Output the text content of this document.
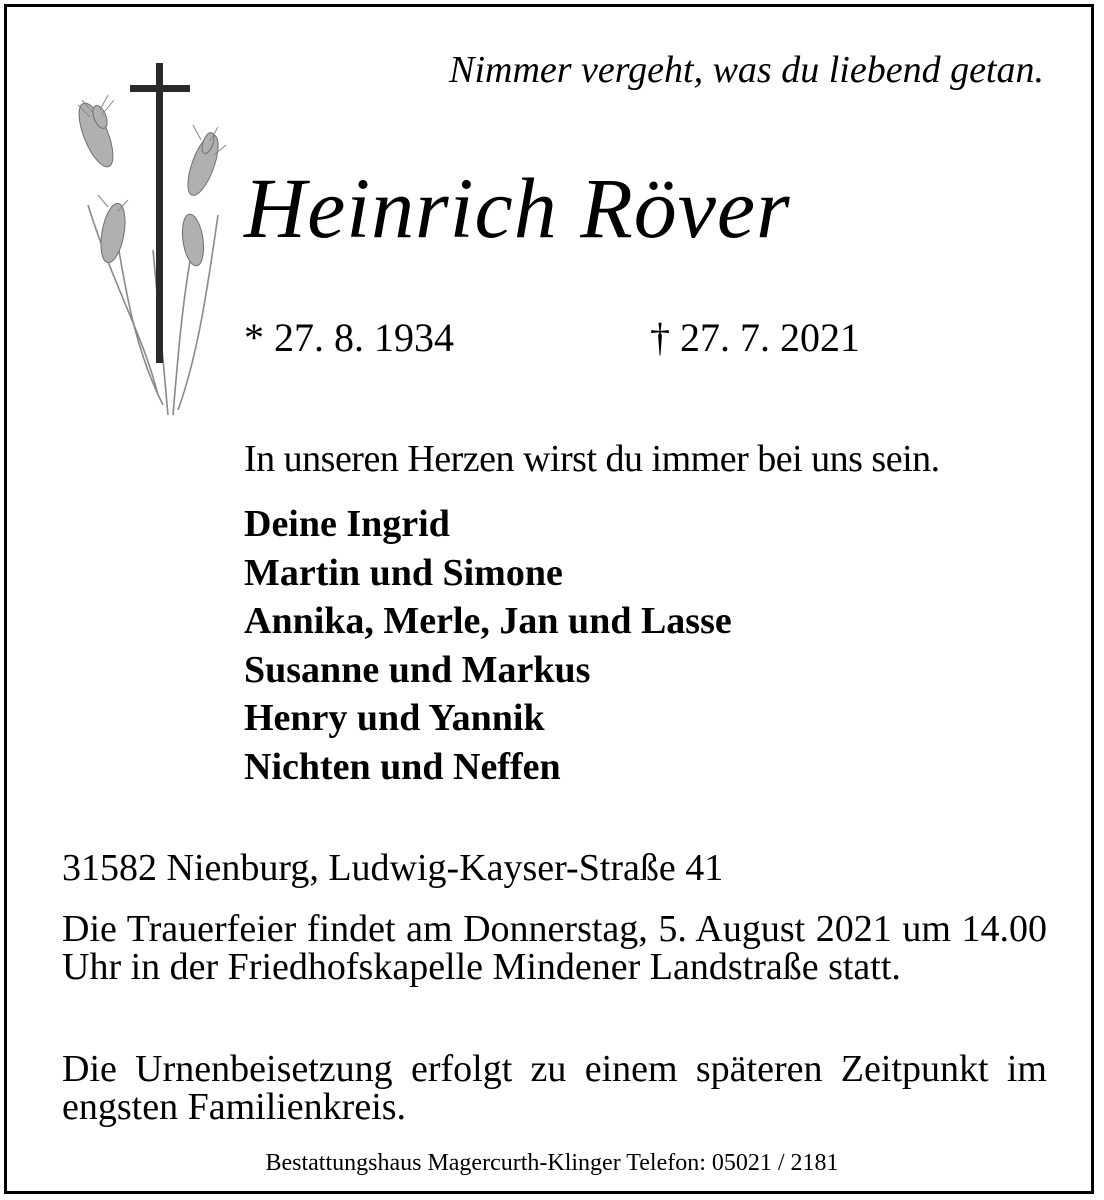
Nimmer vergeht, was du liebend getan.
Heinrich Röver
* 27. 8. 1934	† 27. 7. 2021
In unseren Herzen wirst du immer bei uns sein.
Deine Ingrid
Martin und Simone
Annika, Merle, Jan und Lasse
Susanne und Markus
Henry und Yannik
Nichten und Neffen
31582 Nienburg, Ludwig-Kayser-Straße 41

Die Trauerfeier findet am Donnerstag, 5. August 2021 um 14.00 Uhr in der Friedhofskapelle Mindener Landstraße statt.

Die Urnenbeisetzung erfolgt zu einem späteren Zeitpunkt im engsten Familienkreis.

Bestattungshaus Magercurth-Klinger Telefon: 05021 / 2181
